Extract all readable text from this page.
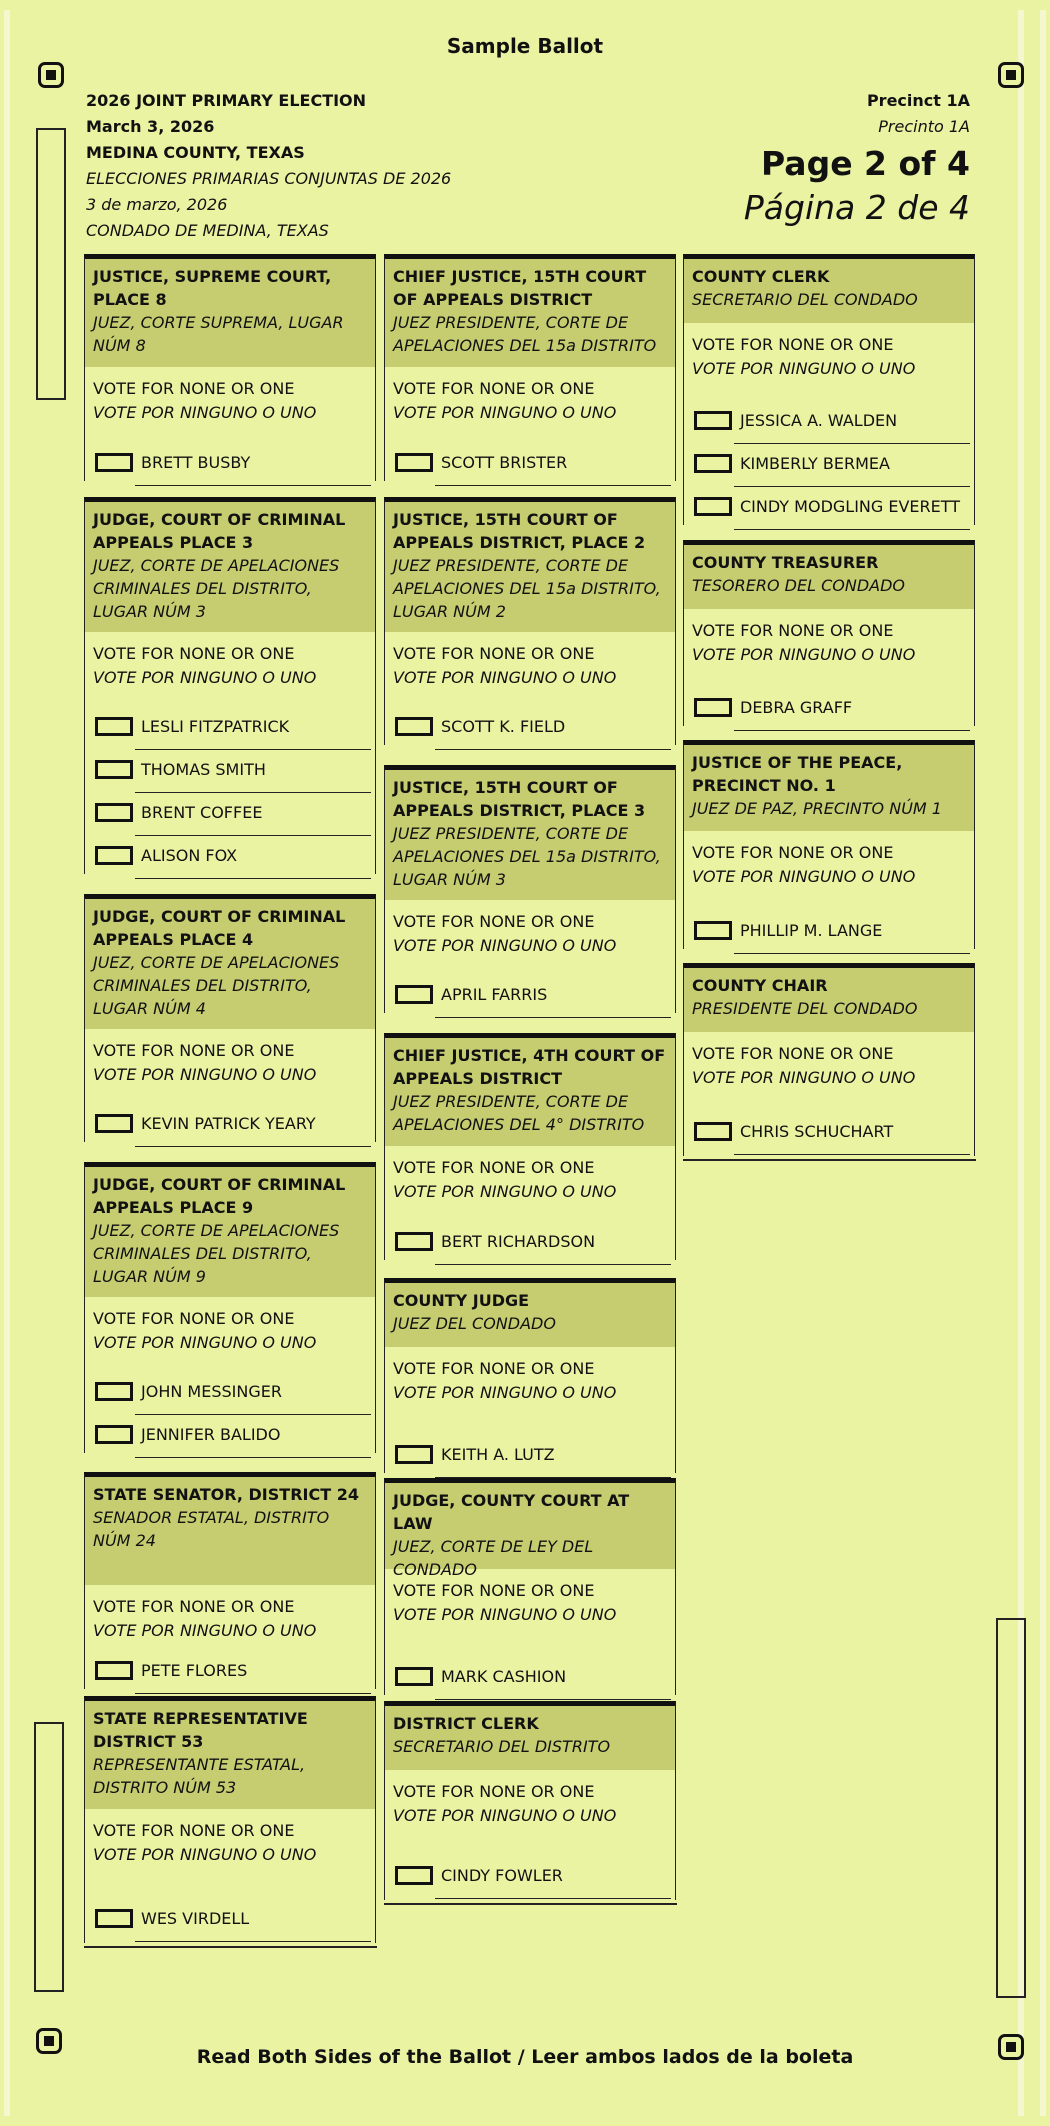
Sample Ballot
2026 JOINT PRIMARY ELECTION
March 3, 2026
MEDINA COUNTY, TEXAS
ELECCIONES PRIMARIAS CONJUNTAS DE 2026
3 de marzo, 2026
CONDADO DE MEDINA, TEXAS
Precinct 1A
Precinto 1A
Page 2 of 4
Página 2 de 4
JUSTICE, SUPREME COURT, PLACE 8
JUEZ, CORTE SUPREMA, LUGAR NÚM 8
VOTE FOR NONE OR ONE
VOTE POR NINGUNO O UNO
BRETT BUSBY
JUDGE, COURT OF CRIMINAL APPEALS PLACE 3
JUEZ, CORTE DE APELACIONES CRIMINALES DEL DISTRITO, LUGAR NÚM 3
VOTE FOR NONE OR ONE
VOTE POR NINGUNO O UNO
LESLI FITZPATRICK
THOMAS SMITH
BRENT COFFEE
ALISON FOX
JUDGE, COURT OF CRIMINAL APPEALS PLACE 4
JUEZ, CORTE DE APELACIONES CRIMINALES DEL DISTRITO, LUGAR NÚM 4
VOTE FOR NONE OR ONE
VOTE POR NINGUNO O UNO
KEVIN PATRICK YEARY
JUDGE, COURT OF CRIMINAL APPEALS PLACE 9
JUEZ, CORTE DE APELACIONES CRIMINALES DEL DISTRITO, LUGAR NÚM 9
VOTE FOR NONE OR ONE
VOTE POR NINGUNO O UNO
JOHN MESSINGER
JENNIFER BALIDO
STATE SENATOR, DISTRICT 24
SENADOR ESTATAL, DISTRITO NÚM 24
VOTE FOR NONE OR ONE
VOTE POR NINGUNO O UNO
PETE FLORES
STATE REPRESENTATIVE DISTRICT 53
REPRESENTANTE ESTATAL, DISTRITO NÚM 53
VOTE FOR NONE OR ONE
VOTE POR NINGUNO O UNO
WES VIRDELL
CHIEF JUSTICE, 15TH COURT OF APPEALS DISTRICT
JUEZ PRESIDENTE, CORTE DE APELACIONES DEL 15a DISTRITO
VOTE FOR NONE OR ONE
VOTE POR NINGUNO O UNO
SCOTT BRISTER
JUSTICE, 15TH COURT OF APPEALS DISTRICT, PLACE 2
JUEZ PRESIDENTE, CORTE DE APELACIONES DEL 15a DISTRITO, LUGAR NÚM 2
VOTE FOR NONE OR ONE
VOTE POR NINGUNO O UNO
SCOTT K. FIELD
JUSTICE, 15TH COURT OF APPEALS DISTRICT, PLACE 3
JUEZ PRESIDENTE, CORTE DE APELACIONES DEL 15a DISTRITO, LUGAR NÚM 3
VOTE FOR NONE OR ONE
VOTE POR NINGUNO O UNO
APRIL FARRIS
CHIEF JUSTICE, 4TH COURT OF APPEALS DISTRICT
JUEZ PRESIDENTE, CORTE DE APELACIONES DEL 4° DISTRITO
VOTE FOR NONE OR ONE
VOTE POR NINGUNO O UNO
BERT RICHARDSON
COUNTY JUDGE
JUEZ DEL CONDADO
VOTE FOR NONE OR ONE
VOTE POR NINGUNO O UNO
KEITH A. LUTZ
JUDGE, COUNTY COURT AT LAW
JUEZ, CORTE DE LEY DEL CONDADO
VOTE FOR NONE OR ONE
VOTE POR NINGUNO O UNO
MARK CASHION
DISTRICT CLERK
SECRETARIO DEL DISTRITO
VOTE FOR NONE OR ONE
VOTE POR NINGUNO O UNO
CINDY FOWLER
COUNTY CLERK
SECRETARIO DEL CONDADO
VOTE FOR NONE OR ONE
VOTE POR NINGUNO O UNO
JESSICA A. WALDEN
KIMBERLY BERMEA
CINDY MODGLING EVERETT
COUNTY TREASURER
TESORERO DEL CONDADO
VOTE FOR NONE OR ONE
VOTE POR NINGUNO O UNO
DEBRA GRAFF
JUSTICE OF THE PEACE, PRECINCT NO. 1
JUEZ DE PAZ, PRECINTO NÚM 1
VOTE FOR NONE OR ONE
VOTE POR NINGUNO O UNO
PHILLIP M. LANGE
COUNTY CHAIR
PRESIDENTE DEL CONDADO
VOTE FOR NONE OR ONE
VOTE POR NINGUNO O UNO
CHRIS SCHUCHART
Read Both Sides of the Ballot / Leer ambos lados de la boleta
